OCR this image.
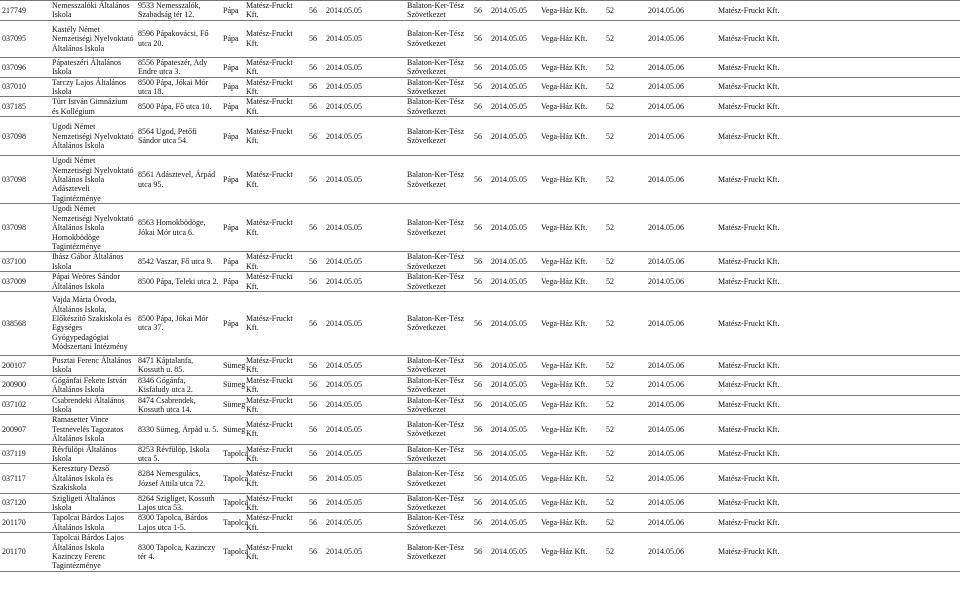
217749	Nemesszalóki Általános Iskola	9533 Nemesszalók, Szabadság tér 12.	Pápa	Matész-Fruckt Kft.	56	2014.05.05	Balaton-Ker-Tész Szövetkezet	56	2014.05.05	Vega-Ház Kft.	52	2014.05.06	Matész-Fruckt Kft.
037095	Kastély Német Nemzetiségi Nyelvoktató Általános Iskola	8596 Pápakovácsi, Fő utca 20.	Pápa	Matész-Fruckt Kft.	56	2014.05.05	Balaton-Ker-Tész Szövetkezet	56	2014.05.05	Vega-Ház Kft.	52	2014.05.06	Matész-Fruckt Kft.
037096	Pápateszéri Általános Iskola	8556 Pápateszér, Ady Endre utca 3.	Pápa	Matész-Fruckt Kft.	56	2014.05.05	Balaton-Ker-Tész Szövetkezet	56	2014.05.05	Vega-Ház Kft.	52	2014.05.06	Matész-Fruckt Kft.
037010	Tarczy Lajos Általános Iskola	8500 Pápa, Jókai Mór utca 18.	Pápa	Matész-Fruckt Kft.	56	2014.05.05	Balaton-Ker-Tész Szövetkezet	56	2014.05.05	Vega-Ház Kft.	52	2014.05.06	Matész-Fruckt Kft.
037185	Türr István Gimnázium és Kollégium	8500 Pápa, Fő utca 10.	Pápa	Matész-Fruckt Kft.	56	2014.05.05	Balaton-Ker-Tész Szövetkezet	56	2014.05.05	Vega-Ház Kft.	52	2014.05.06	Matész-Fruckt Kft.
037098	Ugodi Német Nemzetiségi Nyelvoktató Általános Iskola	8564 Ugod, Petőfi Sándor utca 54.	Pápa	Matész-Fruckt Kft.	56	2014.05.05	Balaton-Ker-Tész Szövetkezet	56	2014.05.05	Vega-Ház Kft.	52	2014.05.06	Matész-Fruckt Kft.
037098	Ugodi Német Nemzetiségi Nyelvoktató Általános Iskola Adászteveli Tagintézménye	8561 Adásztevel, Árpád utca 95.	Pápa	Matész-Fruckt Kft.	56	2014.05.05	Balaton-Ker-Tész Szövetkezet	56	2014.05.05	Vega-Ház Kft.	52	2014.05.06	Matész-Fruckt Kft.
037098	Ugodi Német Nemzetiségi Nyelvoktató Általános Iskola Homokbödöge Tagintézménye	8563 Homokbödöge, Jókai Mór utca 6.	Pápa	Matész-Fruckt Kft.	56	2014.05.05	Balaton-Ker-Tész Szövetkezet	56	2014.05.05	Vega-Ház Kft.	52	2014.05.06	Matész-Fruckt Kft.
037100	Ihász Gábor Általános Iskola	8542 Vaszar, Fő utca 9.	Pápa	Matész-Fruckt Kft.	56	2014.05.05	Balaton-Ker-Tész Szövetkezet	56	2014.05.05	Vega-Ház Kft.	52	2014.05.06	Matész-Fruckt Kft.
037009	Pápai Weöres Sándor Általános Iskola	8500 Pápa, Teleki utca 2.	Pápa	Matész-Fruckt Kft.	56	2014.05.05	Balaton-Ker-Tész Szövetkezet	56	2014.05.05	Vega-Ház Kft.	52	2014.05.06	Matész-Fruckt Kft.
038568	Vajda Márta Óvoda, Általános Iskola, Előkészítő Szakiskola és Egységes Gyógypedagógiai Módszertani Intézmény	8500 Pápa, Jókai Mór utca 37.	Pápa	Matész-Fruckt Kft.	56	2014.05.05	Balaton-Ker-Tész Szövetkezet	56	2014.05.05	Vega-Ház Kft.	52	2014.05.06	Matész-Fruckt Kft.
200107	Pusztai Ferenc Általános Iskola	8471 Káptalanfa, Kossuth u. 85.	Sümeg	Matész-Fruckt Kft.	56	2014.05.05	Balaton-Ker-Tész Szövetkezet	56	2014.05.05	Vega-Ház Kft.	52	2014.05.06	Matész-Fruckt Kft.
200900	Gógánfai Fekete István Általános Iskola	8346 Gógánfa, Kisfaludy utca 2.	Sümeg	Matész-Fruckt Kft.	56	2014.05.05	Balaton-Ker-Tész Szövetkezet	56	2014.05.05	Vega-Ház Kft.	52	2014.05.06	Matész-Fruckt Kft.
037102	Csabrendeki Általános Iskola	8474 Csabrendek, Kossuth utca 14.	Sümeg	Matész-Fruckt Kft.	56	2014.05.05	Balaton-Ker-Tész Szövetkezet	56	2014.05.05	Vega-Ház Kft.	52	2014.05.06	Matész-Fruckt Kft.
200907	Ramasetter Vince Testnevelés Tagozatos Általános Iskola	8330 Sümeg, Árpád u. 5.	Sümeg	Matész-Fruckt Kft.	56	2014.05.05	Balaton-Ker-Tész Szövetkezet	56	2014.05.05	Vega-Ház Kft.	52	2014.05.06	Matész-Fruckt Kft.
037119	Révfülöpi Általános Iskola	8253 Révfülöp, Iskola utca 5.	Tapolca	Matész-Fruckt Kft.	56	2014.05.05	Balaton-Ker-Tész Szövetkezet	56	2014.05.05	Vega-Ház Kft.	52	2014.05.06	Matész-Fruckt Kft.
037117	Kereszturу Dezső Általános Iskola és Szakiskola	8284 Nemesgulács, József Attila utca 72.	Tapolca	Matész-Fruckt Kft.	56	2014.05.05	Balaton-Ker-Tész Szövetkezet	56	2014.05.05	Vega-Ház Kft.	52	2014.05.06	Matész-Fruckt Kft.
037120	Szigligeti Általános Iskola	8264 Szigliget, Kossuth Lajos utca 53.	Tapolca	Matész-Fruckt Kft.	56	2014.05.05	Balaton-Ker-Tész Szövetkezet	56	2014.05.05	Vega-Ház Kft.	52	2014.05.06	Matész-Fruckt Kft.
201170	Tapolcai Bárdos Lajos Általános Iskola	8300 Tapolca, Bárdos Lajos utca 1-5.	Tapolca	Matész-Fruckt Kft.	56	2014.05.05	Balaton-Ker-Tész Szövetkezet	56	2014.05.05	Vega-Ház Kft.	52	2014.05.06	Matész-Fruckt Kft.
201170	Tapolcai Bárdos Lajos Általános Iskola Kazinczy Ferenc Tagintézménye	8300 Tapolca, Kazinczy tér 4.	Tapolca	Matész-Fruckt Kft.	56	2014.05.05	Balaton-Ker-Tész Szövetkezet	56	2014.05.05	Vega-Ház Kft.	52	2014.05.06	Matész-Fruckt Kft.
